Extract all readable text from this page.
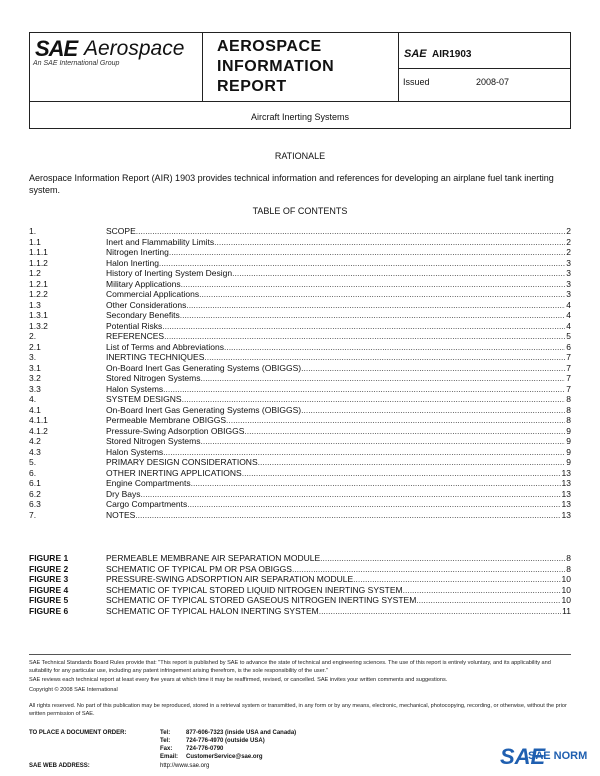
SAE Aerospace
An SAE International Group
AEROSPACE
INFORMATION
REPORT
SAE AIR1903
Issued	2008-07
Aircraft Inerting Systems
RATIONALE
Aerospace Information Report (AIR) 1903 provides technical information and references for developing an airplane fuel tank inerting system.
TABLE OF CONTENTS
1.	SCOPE .....	2
1.1	Inert and Flammability Limits .....	2
1.1.1	Nitrogen Inerting .....	2
1.1.2	Halon Inerting .....	3
1.2	History of Inerting System Design .....	3
1.2.1	Military Applications .....	3
1.2.2	Commercial Applications .....	3
1.3	Other Considerations .....	4
1.3.1	Secondary Benefits .....	4
1.3.2	Potential Risks .....	4
2.	REFERENCES .....	5
2.1	List of Terms and Abbreviations .....	6
3.	INERTING TECHNIQUES .....	7
3.1	On-Board Inert Gas Generating Systems (OBIGGS) .....	7
3.2	Stored Nitrogen Systems .....	7
3.3	Halon Systems .....	7
4.	SYSTEM DESIGNS .....	8
4.1	On-Board Inert Gas Generating Systems (OBIGGS) .....	8
4.1.1	Permeable Membrane OBIGGS .....	8
4.1.2	Pressure-Swing Adsorption OBIGGS .....	9
4.2	Stored Nitrogen Systems .....	9
4.3	Halon Systems .....	9
5.	PRIMARY DESIGN CONSIDERATIONS .....	9
6.	OTHER INERTING APPLICATIONS .....	13
6.1	Engine Compartments .....	13
6.2	Dry Bays .....	13
6.3	Cargo Compartments .....	13
7.	NOTES .....	13
FIGURE 1	PERMEABLE MEMBRANE AIR SEPARATION MODULE .....	8
FIGURE 2	SCHEMATIC OF TYPICAL PM OR PSA OBIGGS .....	8
FIGURE 3	PRESSURE-SWING ADSORPTION AIR SEPARATION MODULE .....	10
FIGURE 4	SCHEMATIC OF TYPICAL STORED LIQUID NITROGEN INERTING SYSTEM .....	10
FIGURE 5	SCHEMATIC OF TYPICAL STORED GASEOUS NITROGEN INERTING SYSTEM .....	10
FIGURE 6	SCHEMATIC OF TYPICAL HALON INERTING SYSTEM .....	11
SAE Technical Standards Board Rules provide that: "This report is published by SAE to advance the state of technical and engineering sciences. The use of this report is entirely voluntary, and its applicability and suitability for any particular use, including any patent infringement arising therefrom, is the sole responsibility of the user."
SAE reviews each technical report at least every five years at which time it may be reaffirmed, revised, or cancelled. SAE invites your written comments and suggestions.
Copyright © 2008 SAE International
All rights reserved. No part of this publication may be reproduced, stored in a retrieval system or transmitted, in any form or by any means, electronic, mechanical, photocopying, recording, or otherwise, without the prior written permission of SAE.
TO PLACE A DOCUMENT ORDER:	Tel:	877-606-7323 (inside USA and Canada)
Tel:	724-776-4970 (outside USA)
Fax: 724-776-0790
Email: CustomerService@sae.org
SAE WEB ADDRESS:	http://www.sae.org	SAE
SAE NORM
